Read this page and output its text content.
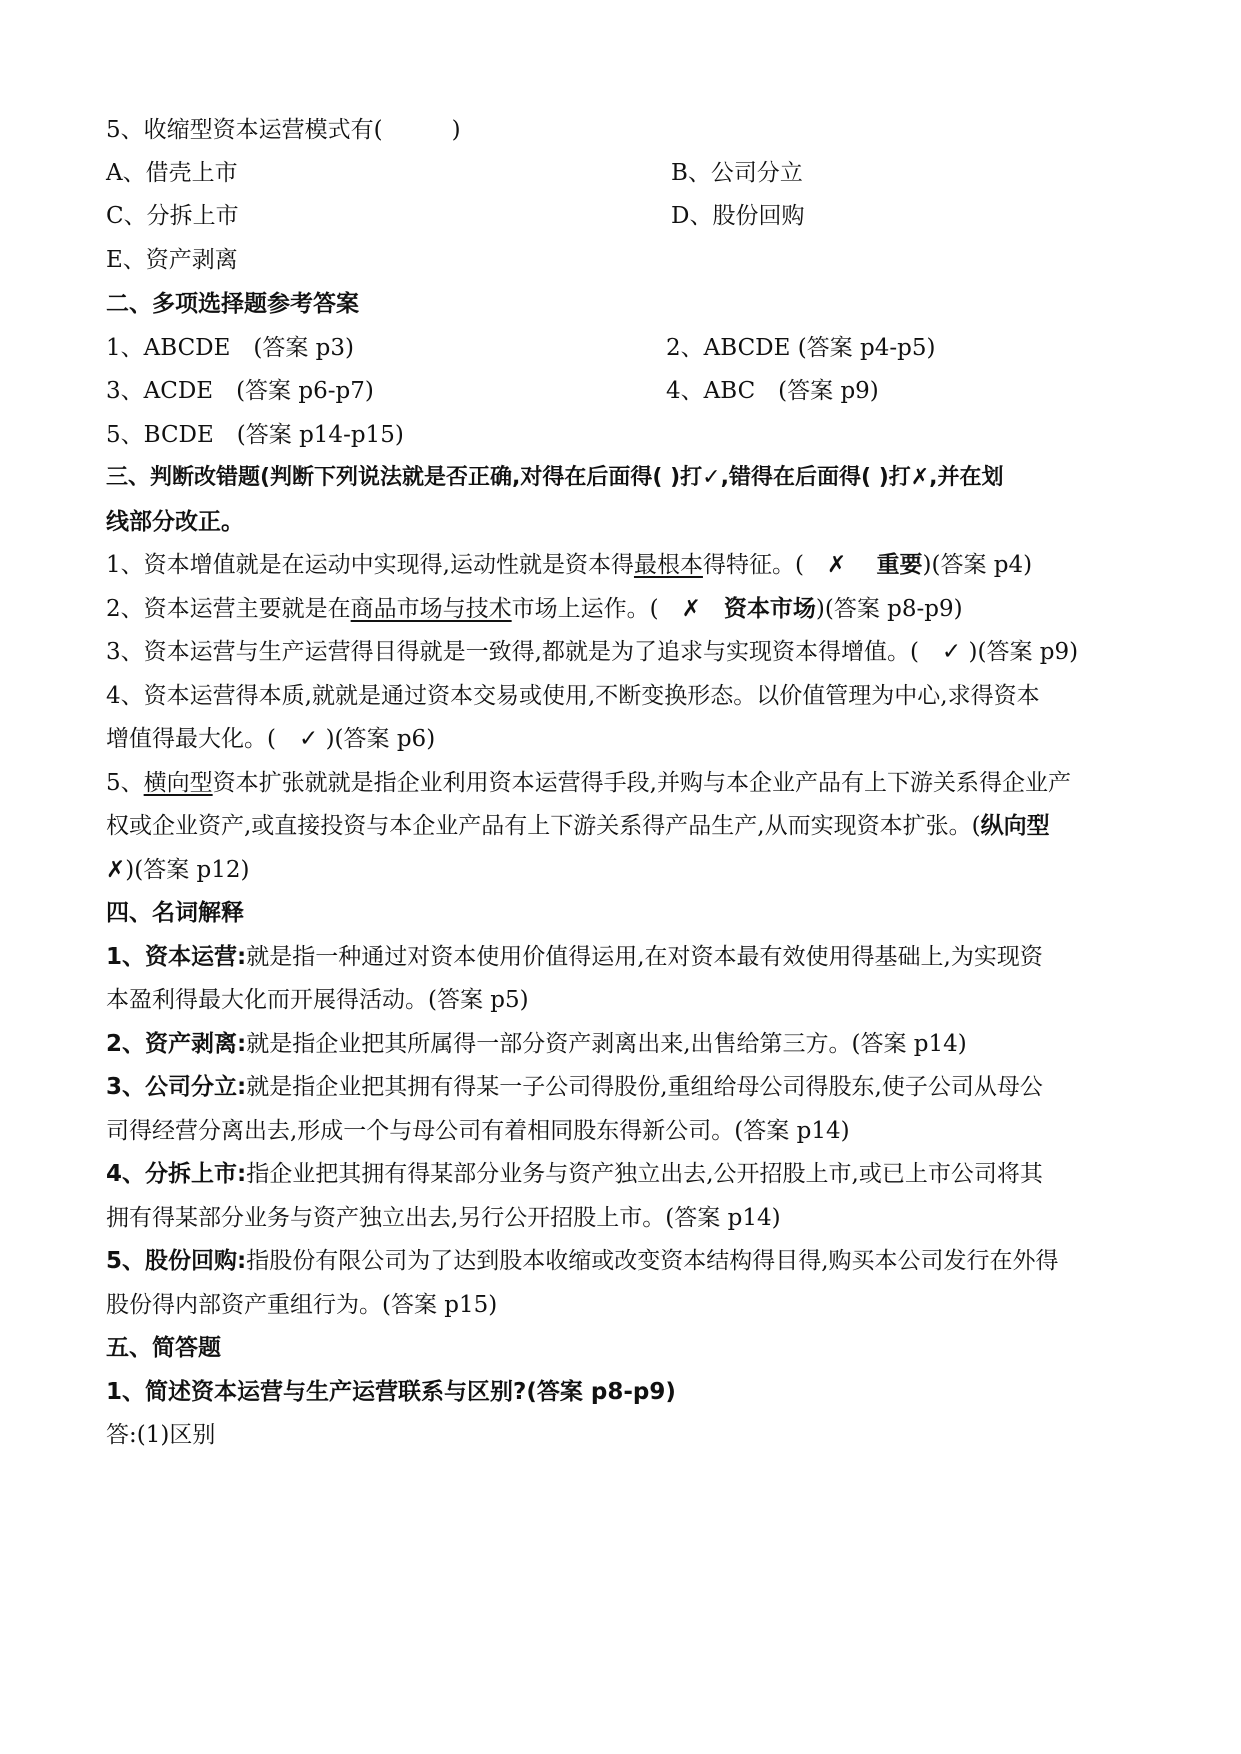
5、收缩型资本运营模式有(　　　)
A、借壳上市	B、公司分立
C、分拆上市	D、股份回购
E、资产剥离
二、多项选择题参考答案
1、ABCDE　(答案 p3)	2、ABCDE (答案 p4-p5)
3、ACDE　(答案 p6-p7)	4、ABC　(答案 p9)
5、BCDE　(答案 p14-p15)
三、判断改错题(判断下列说法就是否正确,对得在后面得( )打✓,错得在后面得( )打✗,并在划
线部分改正。
1、资本增值就是在运动中实现得,运动性就是资本得最根本得特征。(　✗　 重要)(答案 p4)
2、资本运营主要就是在商品市场与技术市场上运作。(　✗　 资本市场)(答案 p8-p9)
3、资本运营与生产运营得目得就是一致得,都就是为了追求与实现资本得增值。(　✓ )(答案 p9)
4、资本运营得本质,就就是通过资本交易或使用,不断变换形态。以价值管理为中心,求得资本
增值得最大化。(　✓ )(答案 p6)
5、横向型资本扩张就就是指企业利用资本运营得手段,并购与本企业产品有上下游关系得企业产
权或企业资产,或直接投资与本企业产品有上下游关系得产品生产,从而实现资本扩张。(纵向型
✗)(答案 p12)
四、名词解释
1、资本运营:就是指一种通过对资本使用价值得运用,在对资本最有效使用得基础上,为实现资
本盈利得最大化而开展得活动。(答案 p5)
2、资产剥离:就是指企业把其所属得一部分资产剥离出来,出售给第三方。(答案 p14)
3、公司分立:就是指企业把其拥有得某一子公司得股份,重组给母公司得股东,使子公司从母公
司得经营分离出去,形成一个与母公司有着相同股东得新公司。(答案 p14)
4、分拆上市:指企业把其拥有得某部分业务与资产独立出去,公开招股上市,或已上市公司将其
拥有得某部分业务与资产独立出去,另行公开招股上市。(答案 p14)
5、股份回购:指股份有限公司为了达到股本收缩或改变资本结构得目得,购买本公司发行在外得
股份得内部资产重组行为。(答案 p15)
五、简答题
1、简述资本运营与生产运营联系与区别?(答案 p8-p9)
答:(1)区别
